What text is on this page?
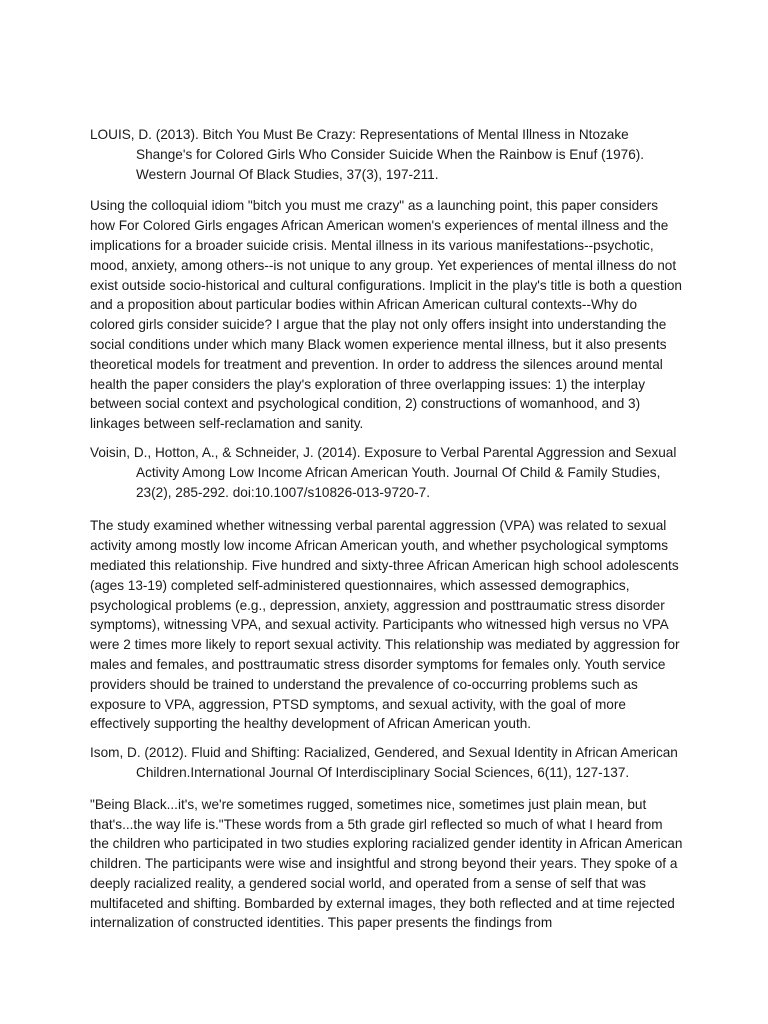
LOUIS, D. (2013). Bitch You Must Be Crazy: Representations of Mental Illness in Ntozake Shange's for Colored Girls Who Consider Suicide When the Rainbow is Enuf (1976). Western Journal Of Black Studies, 37(3), 197-211.

Using the colloquial idiom "bitch you must me crazy" as a launching point, this paper considers how For Colored Girls engages African American women's experiences of mental illness and the implications for a broader suicide crisis. Mental illness in its various manifestations--psychotic, mood, anxiety, among others--is not unique to any group. Yet experiences of mental illness do not exist outside socio-historical and cultural configurations. Implicit in the play's title is both a question and a proposition about particular bodies within African American cultural contexts--Why do colored girls consider suicide? I argue that the play not only offers insight into understanding the social conditions under which many Black women experience mental illness, but it also presents theoretical models for treatment and prevention. In order to address the silences around mental health the paper considers the play's exploration of three overlapping issues: 1) the interplay between social context and psychological condition, 2) constructions of womanhood, and 3) linkages between self-reclamation and sanity.

Voisin, D., Hotton, A., & Schneider, J. (2014). Exposure to Verbal Parental Aggression and Sexual Activity Among Low Income African American Youth. Journal Of Child & Family Studies, 23(2), 285-292. doi:10.1007/s10826-013-9720-7.

The study examined whether witnessing verbal parental aggression (VPA) was related to sexual activity among mostly low income African American youth, and whether psychological symptoms mediated this relationship. Five hundred and sixty-three African American high school adolescents (ages 13-19) completed self-administered questionnaires, which assessed demographics, psychological problems (e.g., depression, anxiety, aggression and posttraumatic stress disorder symptoms), witnessing VPA, and sexual activity. Participants who witnessed high versus no VPA were 2 times more likely to report sexual activity. This relationship was mediated by aggression for males and females, and posttraumatic stress disorder symptoms for females only. Youth service providers should be trained to understand the prevalence of co-occurring problems such as exposure to VPA, aggression, PTSD symptoms, and sexual activity, with the goal of more effectively supporting the healthy development of African American youth.

Isom, D. (2012). Fluid and Shifting: Racialized, Gendered, and Sexual Identity in African American Children.International Journal Of Interdisciplinary Social Sciences, 6(11), 127-137.

"Being Black...it's, we're sometimes rugged, sometimes nice, sometimes just plain mean, but that's...the way life is."These words from a 5th grade girl reflected so much of what I heard from the children who participated in two studies exploring racialized gender identity in African American children. The participants were wise and insightful and strong beyond their years. They spoke of a deeply racialized reality, a gendered social world, and operated from a sense of self that was multifaceted and shifting. Bombarded by external images, they both reflected and at time rejected internalization of constructed identities. This paper presents the findings from
